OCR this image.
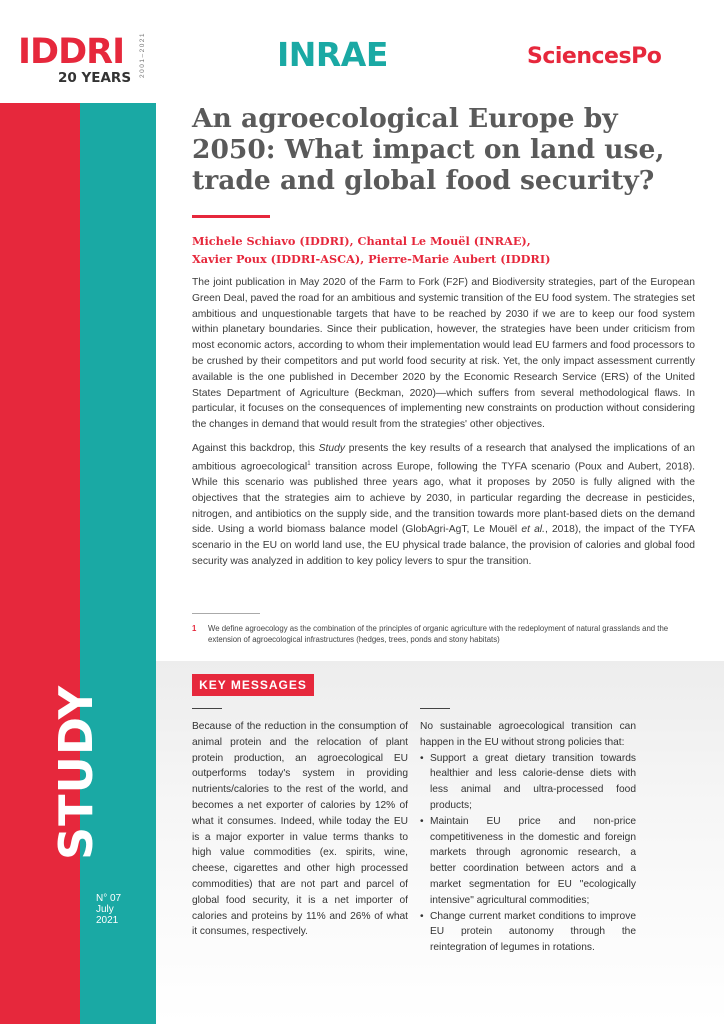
STUDY
N° 07
July
2021
IDDRI
20 YEARS 2001–2021	INRAE	SciencesPo
An agroecological Europe by 2050: What impact on land use, trade and global food security?
Michele Schiavo (IDDRI), Chantal Le Mouël (INRAE),
Xavier Poux (IDDRI-ASCA), Pierre-Marie Aubert (IDDRI)

The joint publication in May 2020 of the Farm to Fork (F2F) and Biodiversity strategies, part of the European Green Deal, paved the road for an ambitious and systemic transition of the EU food system. The strategies set ambitious and unquestionable targets that have to be reached by 2030 if we are to keep our food system within planetary boundaries. Since their publication, however, the strategies have been under criticism from most economic actors, according to whom their implementation would lead EU farmers and food processors to be crushed by their competitors and put world food security at risk. Yet, the only impact assessment currently available is the one published in December 2020 by the Economic Research Service (ERS) of the United States Department of Agriculture (Beckman, 2020)—which suffers from several methodological flaws. In particular, it focuses on the consequences of implementing new constraints on production without considering the changes in demand that would result from the strategies' other objectives.

Against this backdrop, this Study presents the key results of a research that analysed the implications of an ambitious agroecological$^1$ transition across Europe, following the TYFA scenario (Poux and Aubert, 2018). While this scenario was published three years ago, what it proposes by 2050 is fully aligned with the objectives that the strategies aim to achieve by 2030, in particular regarding the decrease in pesticides, nitrogen, and antibiotics on the supply side, and the transition towards more plant-based diets on the demand side. Using a world biomass balance model (GlobAgri-AgT, Le Mouël et al., 2018), the impact of the TYFA scenario in the EU on world land use, the EU physical trade balance, the provision of calories and global food security was analyzed in addition to key policy levers to spur the transition.

1	We define agroecology as the combination of the principles of organic agriculture with the redeployment of natural grasslands and the extension of agroecological infrastructures (hedges, trees, ponds and stony habitats)
KEY MESSAGES
Because of the reduction in the consumption of animal protein and the relocation of plant protein production, an agroecological EU outperforms today's system in providing nutrients/calories to the rest of the world, and becomes a net exporter of calories by 12% of what it consumes. Indeed, while today the EU is a major exporter in value terms thanks to high value commodities (ex. spirits, wine, cheese, cigarettes and other high processed commodities) that are not part and parcel of global food security, it is a net importer of calories and proteins by 11% and 26% of what it consumes, respectively.
No sustainable agroecological transition can happen in the EU without strong policies that:
• Support a great dietary transition towards healthier and less calorie-dense diets with less animal and ultra-processed food products;
• Maintain EU price and non-price competitiveness in the domestic and foreign markets through agronomic research, a better coordination between actors and a market segmentation for EU "ecologically intensive" agricultural commodities;
• Change current market conditions to improve EU protein autonomy through the reintegration of legumes in rotations.
